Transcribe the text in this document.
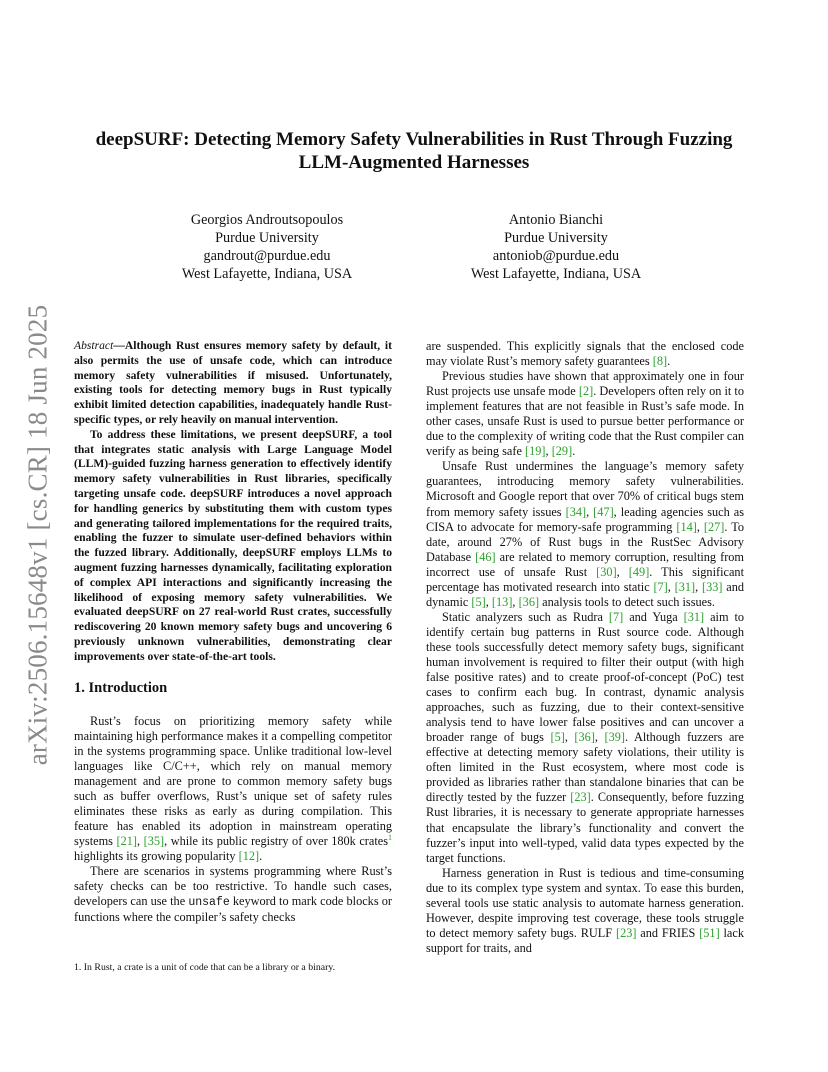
arXiv:2506.15648v1 [cs.CR] 18 Jun 2025
deepSURF: Detecting Memory Safety Vulnerabilities in Rust Through Fuzzing
LLM-Augmented Harnesses
Georgios Androutsopoulos
Purdue University
gandrout@purdue.edu
West Lafayette, Indiana, USA
Antonio Bianchi
Purdue University
antoniob@purdue.edu
West Lafayette, Indiana, USA

Abstract—Although Rust ensures memory safety by default, it also permits the use of unsafe code, which can introduce memory safety vulnerabilities if misused. Unfortunately, existing tools for detecting memory bugs in Rust typically exhibit limited detection capabilities, inadequately handle Rust-specific types, or rely heavily on manual intervention.

To address these limitations, we present deepSURF, a tool that integrates static analysis with Large Language Model (LLM)-guided fuzzing harness generation to effectively identify memory safety vulnerabilities in Rust libraries, specifically targeting unsafe code. deepSURF introduces a novel approach for handling generics by substituting them with custom types and generating tailored implementations for the required traits, enabling the fuzzer to simulate user-defined behaviors within the fuzzed library. Additionally, deepSURF employs LLMs to augment fuzzing harnesses dynamically, facilitating exploration of complex API interactions and significantly increasing the likelihood of exposing memory safety vulnerabilities. We evaluated deepSURF on 27 real-world Rust crates, successfully rediscovering 20 known memory safety bugs and uncovering 6 previously unknown vulnerabilities, demonstrating clear improvements over state-of-the-art tools.

1. Introduction

Rust’s focus on prioritizing memory safety while maintaining high performance makes it a compelling competitor in the systems programming space. Unlike traditional low-level languages like C/C++, which rely on manual memory management and are prone to common memory safety bugs such as buffer overflows, Rust’s unique set of safety rules eliminates these risks as early as during compilation. This feature has enabled its adoption in mainstream operating systems [21], [35], while its public registry of over 180k crates$^1$ highlights its growing popularity [12].

There are scenarios in systems programming where Rust’s safety checks can be too restrictive. To handle such cases, developers can use the unsafe keyword to mark code blocks or functions where the compiler’s safety checks

1. In Rust, a crate is a unit of code that can be a library or a binary.

are suspended. This explicitly signals that the enclosed code may violate Rust’s memory safety guarantees [8].

Previous studies have shown that approximately one in four Rust projects use unsafe mode [2]. Developers often rely on it to implement features that are not feasible in Rust’s safe mode. In other cases, unsafe Rust is used to pursue better performance or due to the complexity of writing code that the Rust compiler can verify as being safe [19], [29].

Unsafe Rust undermines the language’s memory safety guarantees, introducing memory safety vulnerabilities. Microsoft and Google report that over 70% of critical bugs stem from memory safety issues [34], [47], leading agencies such as CISA to advocate for memory-safe programming [14], [27]. To date, around 27% of Rust bugs in the RustSec Advisory Database [46] are related to memory corruption, resulting from incorrect use of unsafe Rust [30], [49]. This significant percentage has motivated research into static [7], [31], [33] and dynamic [5], [13], [36] analysis tools to detect such issues.

Static analyzers such as Rudra [7] and Yuga [31] aim to identify certain bug patterns in Rust source code. Although these tools successfully detect memory safety bugs, significant human involvement is required to filter their output (with high false positive rates) and to create proof-of-concept (PoC) test cases to confirm each bug. In contrast, dynamic analysis approaches, such as fuzzing, due to their context-sensitive analysis tend to have lower false positives and can uncover a broader range of bugs [5], [36], [39]. Although fuzzers are effective at detecting memory safety violations, their utility is often limited in the Rust ecosystem, where most code is provided as libraries rather than standalone binaries that can be directly tested by the fuzzer [23]. Consequently, before fuzzing Rust libraries, it is necessary to generate appropriate harnesses that encapsulate the library’s functionality and convert the fuzzer’s input into well-typed, valid data types expected by the target functions.

Harness generation in Rust is tedious and time-consuming due to its complex type system and syntax. To ease this burden, several tools use static analysis to automate harness generation. However, despite improving test coverage, these tools struggle to detect memory safety bugs. RULF [23] and FRIES [51] lack support for traits, and
